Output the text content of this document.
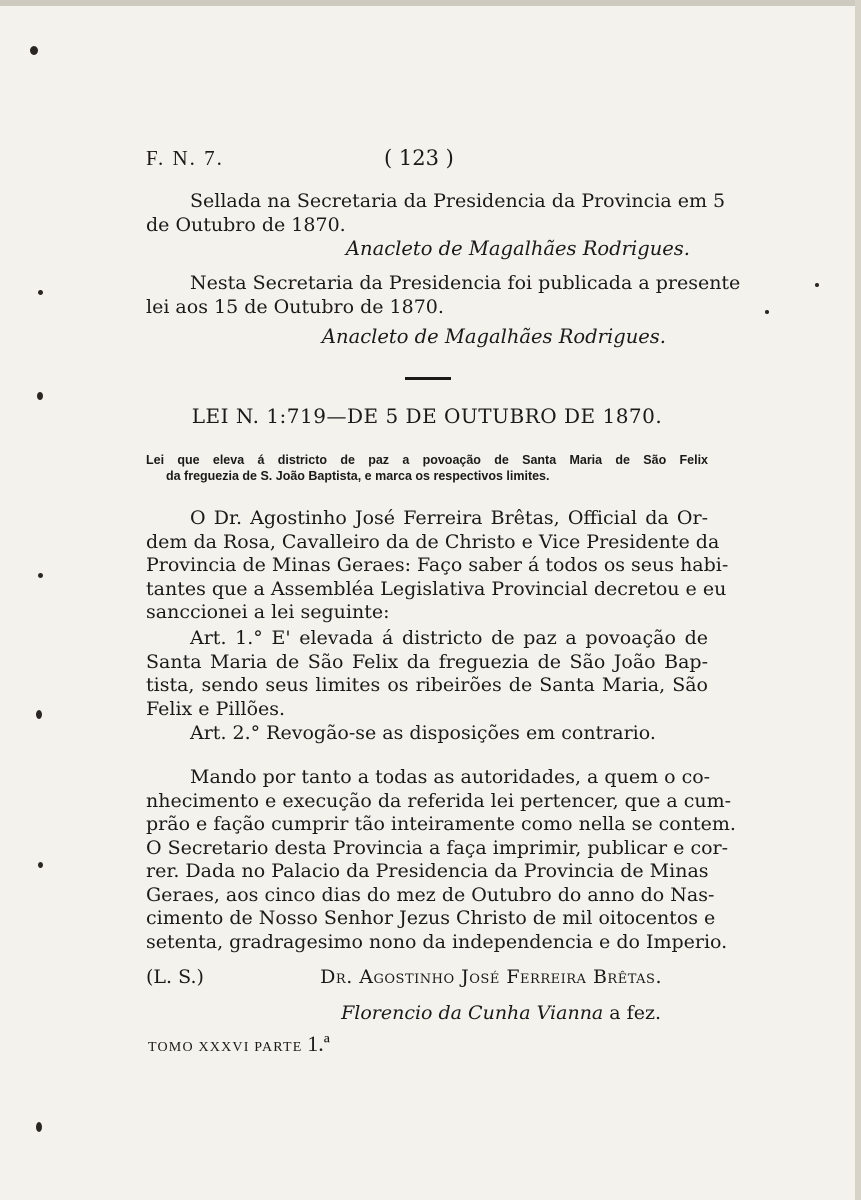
F. N. 7.	( 123 )
Sellada na Secretaria da Presidencia da Provincia em 5
de Outubro de 1870.
Anacleto de Magalhães Rodrigues.
Nesta Secretaria da Presidencia foi publicada a presente
lei aos 15 de Outubro de 1870.
Anacleto de Magalhães Rodrigues.
LEI N. 1:719—DE 5 DE OUTUBRO DE 1870.
Lei que eleva á districto de paz a povoação de Santa Maria de São Felix
da freguezia de S. João Baptista, e marca os respectivos limites.
O Dr. Agostinho José Ferreira Brêtas, Official da Or-
dem da Rosa, Cavalleiro da de Christo e Vice Presidente da
Provincia de Minas Geraes: Faço saber á todos os seus habi-
tantes que a Assembléa Legislativa Provincial decretou e eu
sanccionei a lei seguinte:
Art. 1.° E' elevada á districto de paz a povoação de
Santa Maria de São Felix da freguezia de São João Bap-
tista, sendo seus limites os ribeirões de Santa Maria, São
Felix e Pillões.
Art. 2.° Revogão-se as disposições em contrario.
Mando por tanto a todas as autoridades, a quem o co-
nhecimento e execução da referida lei pertencer, que a cum-
prão e fação cumprir tão inteiramente como nella se contem.
O Secretario desta Provincia a faça imprimir, publicar e cor-
rer. Dada no Palacio da Presidencia da Provincia de Minas
Geraes, aos cinco dias do mez de Outubro do anno do Nas-
cimento de Nosso Senhor Jezus Christo de mil oitocentos e
setenta, gradragesimo nono da independencia e do Imperio.
(L. S.)	Dr. Agostinho José Ferreira Brêtas.
Florencio da Cunha Vianna a fez.
TOMO XXXVI PARTE 1.ª
